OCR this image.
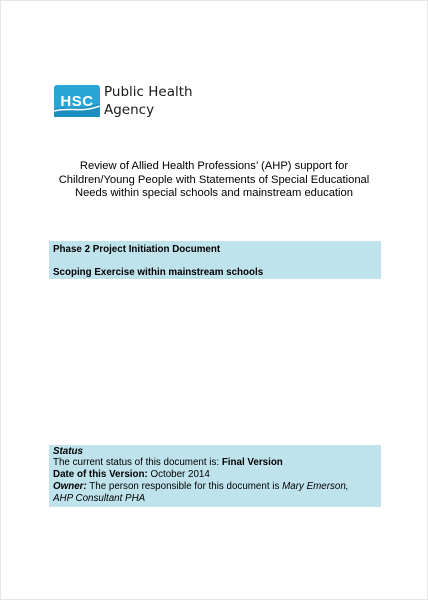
HSC
Public Health
Agency
Review of Allied Health Professions’ (AHP) support for
Children/Young People with Statements of Special Educational
Needs within special schools and mainstream education
Phase 2 Project Initiation Document
Scoping Exercise within mainstream schools
Status
The current status of this document is: Final Version
Date of this Version: October 2014
Owner: The person responsible for this document is Mary Emerson,
AHP Consultant PHA
